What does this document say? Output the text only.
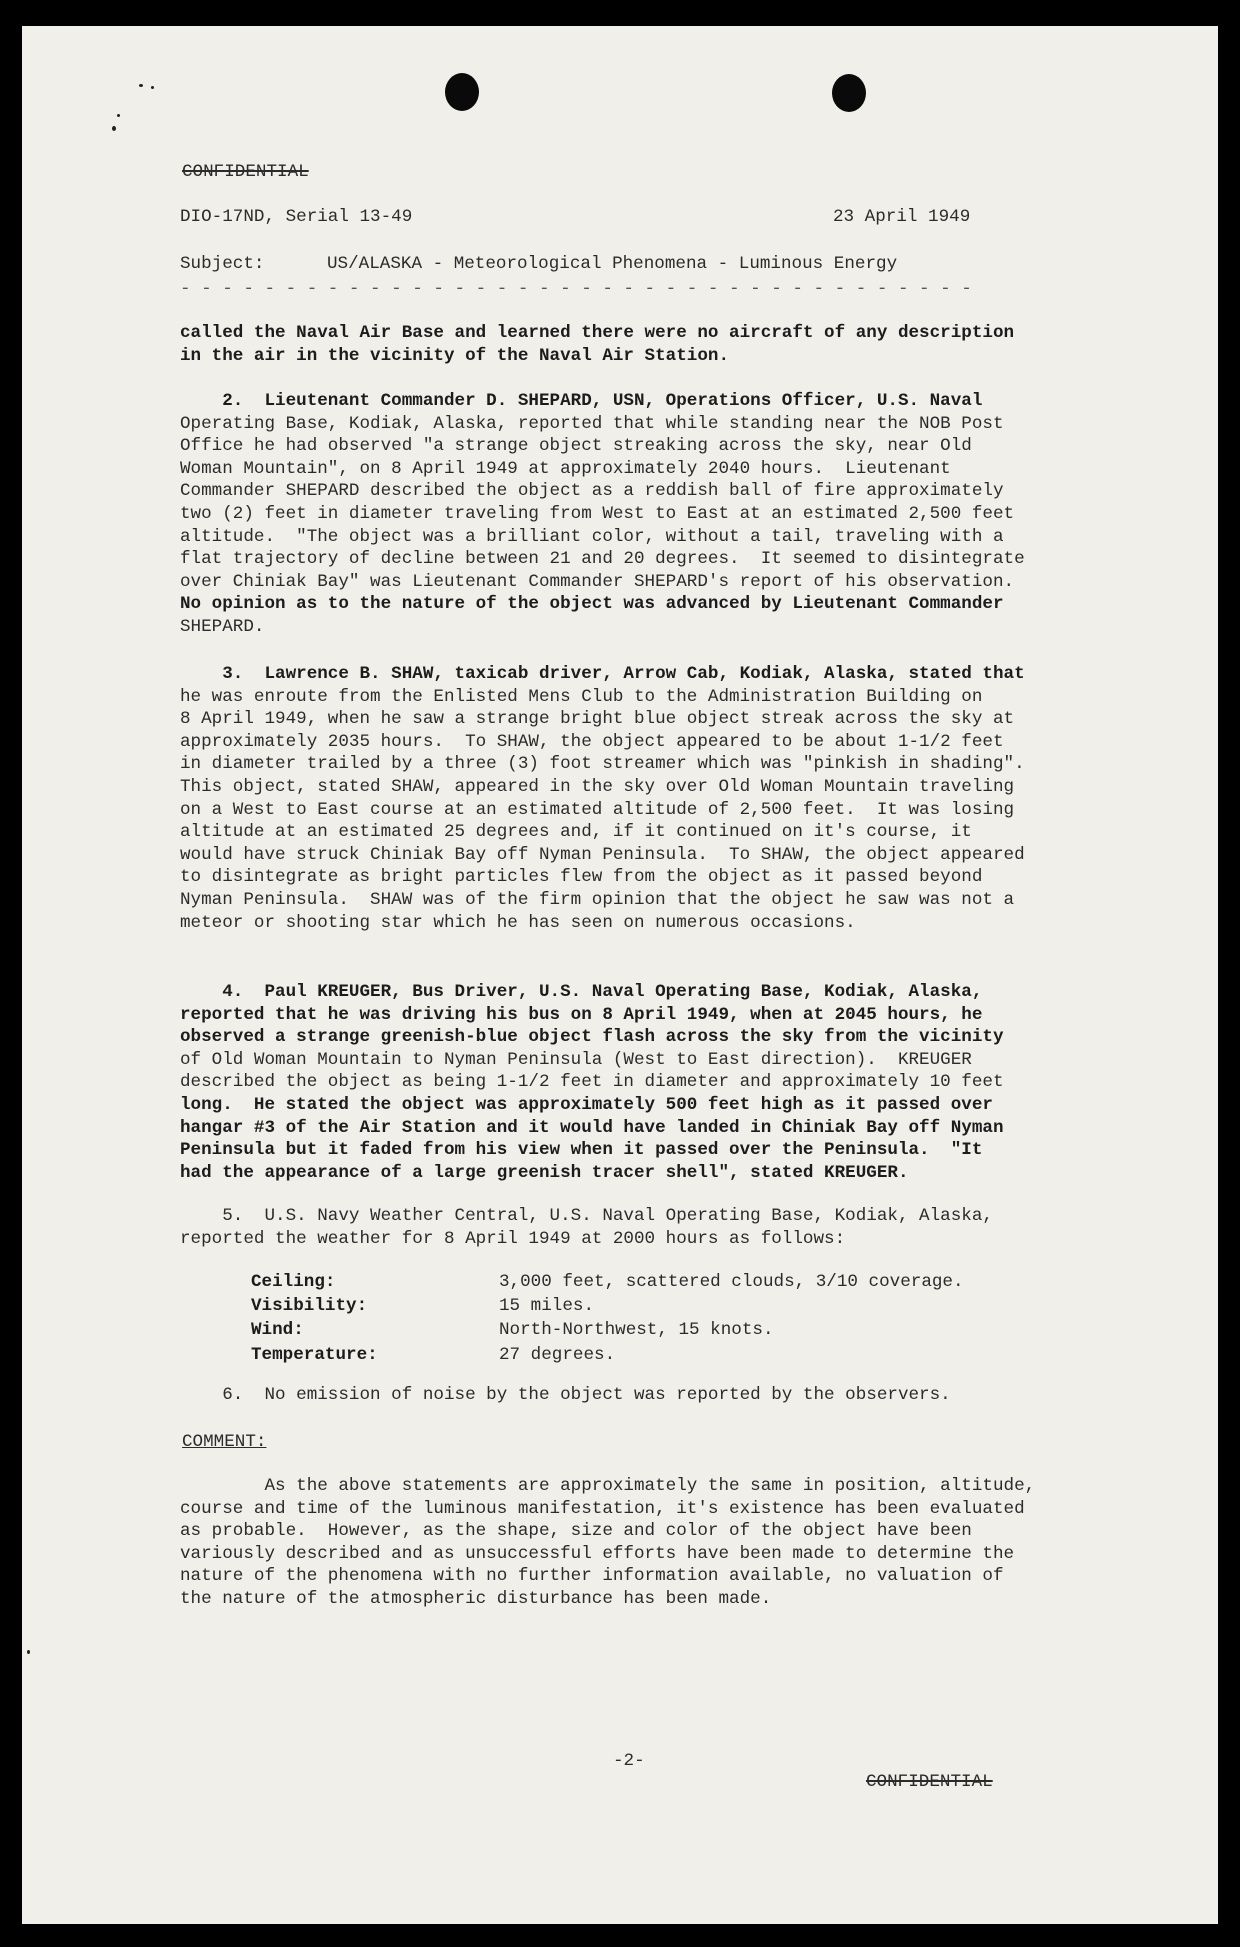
CONFIDENTIAL
DIO-17ND, Serial 13-49	23 April 1949
Subject:	US/ALASKA - Meteorological Phenomena - Luminous Energy
- - - - - - - - - - - - - - - - - - - - - - - - - - - - - - - - - - - - - -
called the Naval Air Base and learned there were no aircraft of any description
in the air in the vicinity of the Naval Air Station.
2.  Lieutenant Commander D. SHEPARD, USN, Operations Officer, U.S. Naval
Operating Base, Kodiak, Alaska, reported that while standing near the NOB Post
Office he had observed "a strange object streaking across the sky, near Old
Woman Mountain", on 8 April 1949 at approximately 2040 hours.  Lieutenant
Commander SHEPARD described the object as a reddish ball of fire approximately
two (2) feet in diameter traveling from West to East at an estimated 2,500 feet
altitude.  "The object was a brilliant color, without a tail, traveling with a
flat trajectory of decline between 21 and 20 degrees.  It seemed to disintegrate
over Chiniak Bay" was Lieutenant Commander SHEPARD's report of his observation.
No opinion as to the nature of the object was advanced by Lieutenant Commander
SHEPARD.
3.  Lawrence B. SHAW, taxicab driver, Arrow Cab, Kodiak, Alaska, stated that
he was enroute from the Enlisted Mens Club to the Administration Building on
8 April 1949, when he saw a strange bright blue object streak across the sky at
approximately 2035 hours.  To SHAW, the object appeared to be about 1-1/2 feet
in diameter trailed by a three (3) foot streamer which was "pinkish in shading".
This object, stated SHAW, appeared in the sky over Old Woman Mountain traveling
on a West to East course at an estimated altitude of 2,500 feet.  It was losing
altitude at an estimated 25 degrees and, if it continued on it's course, it
would have struck Chiniak Bay off Nyman Peninsula.  To SHAW, the object appeared
to disintegrate as bright particles flew from the object as it passed beyond
Nyman Peninsula.  SHAW was of the firm opinion that the object he saw was not a
meteor or shooting star which he has seen on numerous occasions.
4.  Paul KREUGER, Bus Driver, U.S. Naval Operating Base, Kodiak, Alaska,
reported that he was driving his bus on 8 April 1949, when at 2045 hours, he
observed a strange greenish-blue object flash across the sky from the vicinity
of Old Woman Mountain to Nyman Peninsula (West to East direction).  KREUGER
described the object as being 1-1/2 feet in diameter and approximately 10 feet
long.  He stated the object was approximately 500 feet high as it passed over
hangar #3 of the Air Station and it would have landed in Chiniak Bay off Nyman
Peninsula but it faded from his view when it passed over the Peninsula.  "It
had the appearance of a large greenish tracer shell", stated KREUGER.
5.  U.S. Navy Weather Central, U.S. Naval Operating Base, Kodiak, Alaska,
reported the weather for 8 April 1949 at 2000 hours as follows:
Ceiling:	3,000 feet, scattered clouds, 3/10 coverage.
Visibility:	15 miles.
Wind:	North-Northwest, 15 knots.
Temperature:	27 degrees.
6.  No emission of noise by the object was reported by the observers.
COMMENT:
As the above statements are approximately the same in position, altitude,
course and time of the luminous manifestation, it's existence has been evaluated
as probable.  However, as the shape, size and color of the object have been
variously described and as unsuccessful efforts have been made to determine the
nature of the phenomena with no further information available, no valuation of
the nature of the atmospheric disturbance has been made.
-2-
CONFIDENTIAL
